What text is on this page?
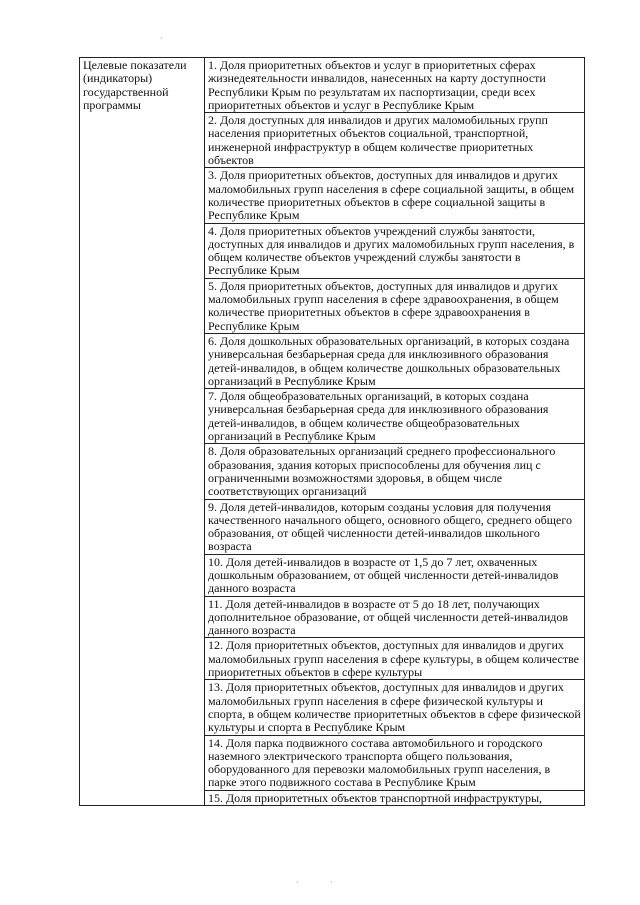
Целевые показатели (индикаторы) государственной программы	1. Доля приоритетных объектов и услуг в приоритетных сферах жизнедеятельности инвалидов, нанесенных на карту доступности Республики Крым по результатам их паспортизации, среди всех приоритетных объектов и услуг в Республике Крым
2. Доля доступных для инвалидов и других маломобильных групп населения приоритетных объектов социальной, транспортной, инженерной инфраструктур в общем количестве приоритетных объектов
3. Доля приоритетных объектов, доступных для инвалидов и других маломобильных групп населения в сфере социальной защиты, в общем количестве приоритетных объектов в сфере социальной защиты в Республике Крым
4. Доля приоритетных объектов учреждений службы занятости, доступных для инвалидов и других маломобильных групп населения, в общем количестве объектов учреждений службы занятости в Республике Крым
5. Доля приоритетных объектов, доступных для инвалидов и других маломобильных групп населения в сфере здравоохранения, в общем количестве приоритетных объектов в сфере здравоохранения в Республике Крым
6. Доля дошкольных образовательных организаций, в которых создана универсальная безбарьерная среда для инклюзивного образования детей-инвалидов, в общем количестве дошкольных образовательных организаций в Республике Крым
7. Доля общеобразовательных организаций, в которых создана универсальная безбарьерная среда для инклюзивного образования детей-инвалидов, в общем количестве общеобразовательных организаций в Республике Крым
8. Доля образовательных организаций среднего профессионального образования, здания которых приспособлены для обучения лиц с ограниченными возможностями здоровья, в общем числе соответствующих организаций
9. Доля детей-инвалидов, которым созданы условия для получения качественного начального общего, основного общего, среднего общего образования, от общей численности детей-инвалидов школьного возраста
10. Доля детей-инвалидов в возрасте от 1,5 до 7 лет, охваченных дошкольным образованием, от общей численности детей-инвалидов данного возраста
11. Доля детей-инвалидов в возрасте от 5 до 18 лет, получающих дополнительное образование, от общей численности детей-инвалидов данного возраста
12. Доля приоритетных объектов, доступных для инвалидов и других маломобильных групп населения в сфере культуры, в общем количестве приоритетных объектов в сфере культуры
13. Доля приоритетных объектов, доступных для инвалидов и других маломобильных групп населения в сфере физической культуры и спорта, в общем количестве приоритетных объектов в сфере физической культуры и спорта в Республике Крым
14. Доля парка подвижного состава автомобильного и городского наземного электрического транспорта общего пользования, оборудованного для перевозки маломобильных групп населения, в парке этого подвижного состава в Республике Крым
15. Доля приоритетных объектов транспортной инфраструктуры,
·
·	·
